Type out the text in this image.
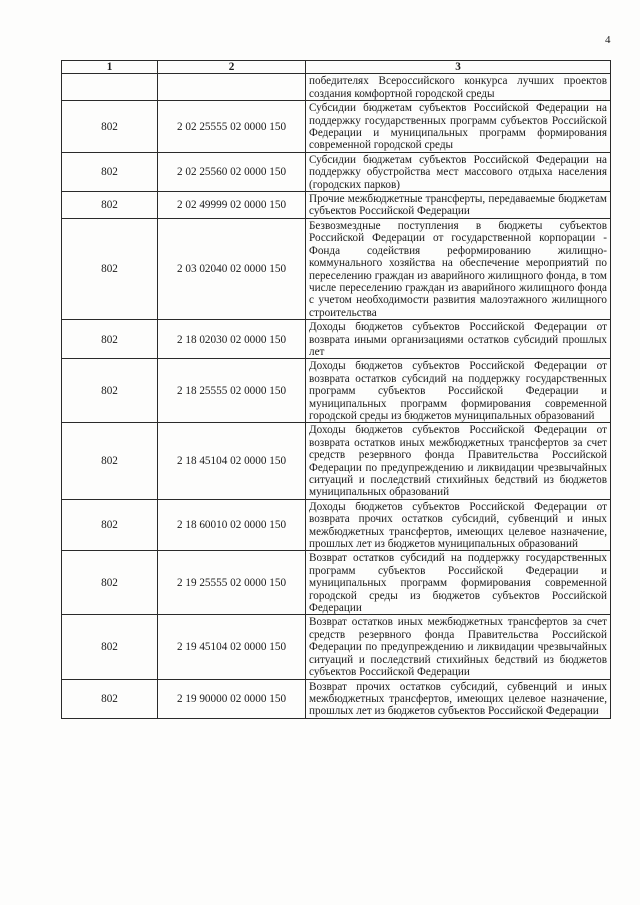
4
1	2	3
		победителях Всероссийского конкурса лучших проектов создания комфортной городской среды
802	2 02 25555 02 0000 150	Субсидии бюджетам субъектов Российской Федерации на поддержку государственных программ субъектов Российской Федерации и муниципальных программ формирования современной городской среды
802	2 02 25560 02 0000 150	Субсидии бюджетам субъектов Российской Федерации на поддержку обустройства мест массового отдыха населения (городских парков)
802	2 02 49999 02 0000 150	Прочие межбюджетные трансферты, передаваемые бюджетам субъектов Российской Федерации
802	2 03 02040 02 0000 150	Безвозмездные поступления в бюджеты субъектов Российской Федерации от государственной корпорации - Фонда содействия реформированию жилищно-коммунального хозяйства на обеспечение мероприятий по переселению граждан из аварийного жилищного фонда, в том числе переселению граждан из аварийного жилищного фонда с учетом необходимости развития малоэтажного жилищного строительства
802	2 18 02030 02 0000 150	Доходы бюджетов субъектов Российской Федерации от возврата иными организациями остатков субсидий прошлых лет
802	2 18 25555 02 0000 150	Доходы бюджетов субъектов Российской Федерации от возврата остатков субсидий на поддержку государственных программ субъектов Российской Федерации и муниципальных программ формирования современной городской среды из бюджетов муниципальных образований
802	2 18 45104 02 0000 150	Доходы бюджетов субъектов Российской Федерации от возврата остатков иных межбюджетных трансфертов за счет средств резервного фонда Правительства Российской Федерации по предупреждению и ликвидации чрезвычайных ситуаций и последствий стихийных бедствий из бюджетов муниципальных образований
802	2 18 60010 02 0000 150	Доходы бюджетов субъектов Российской Федерации от возврата прочих остатков субсидий, субвенций и иных межбюджетных трансфертов, имеющих целевое назначение, прошлых лет из бюджетов муниципальных образований
802	2 19 25555 02 0000 150	Возврат остатков субсидий на поддержку государственных программ субъектов Российской Федерации и муниципальных программ формирования современной городской среды из бюджетов субъектов Российской Федерации
802	2 19 45104 02 0000 150	Возврат остатков иных межбюджетных трансфертов за счет средств резервного фонда Правительства Российской Федерации по предупреждению и ликвидации чрезвычайных ситуаций и последствий стихийных бедствий из бюджетов субъектов Российской Федерации
802	2 19 90000 02 0000 150	Возврат прочих остатков субсидий, субвенций и иных межбюджетных трансфертов, имеющих целевое назначение, прошлых лет из бюджетов субъектов Российской Федерации
